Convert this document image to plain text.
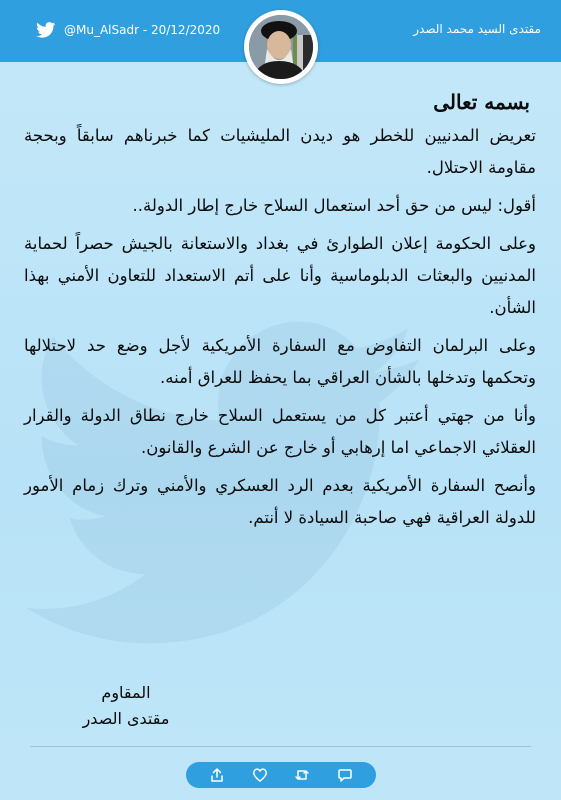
@Mu_AlSadr - 20/12/2020	مقتدى السيد محمد الصدر
بسمه تعالى

تعريض المدنيين للخطر هو ديدن المليشيات كما خبرناهم سابقاً وبحجة مقاومة الاحتلال.

أقول: ليس من حق أحد استعمال السلاح خارج إطار الدولة..

وعلى الحكومة إعلان الطوارئ في بغداد والاستعانة بالجيش حصراً لحماية المدنيين والبعثات الدبلوماسية وأنا على أتم الاستعداد للتعاون الأمني بهذا الشأن.

وعلى البرلمان التفاوض مع السفارة الأمريكية لأجل وضع حد لاحتلالها وتحكمها وتدخلها بالشأن العراقي بما يحفظ للعراق أمنه.

وأنا من جهتي أعتبر كل من يستعمل السلاح خارج نطاق الدولة والقرار العقلائي الاجماعي اما إرهابي أو خارج عن الشرع والقانون.

وأنصح السفارة الأمريكية بعدم الرد العسكري والأمني وترك زمام الأمور للدولة العراقية فهي صاحبة السيادة لا أنتم.

المقاوم
مقتدى الصدر
